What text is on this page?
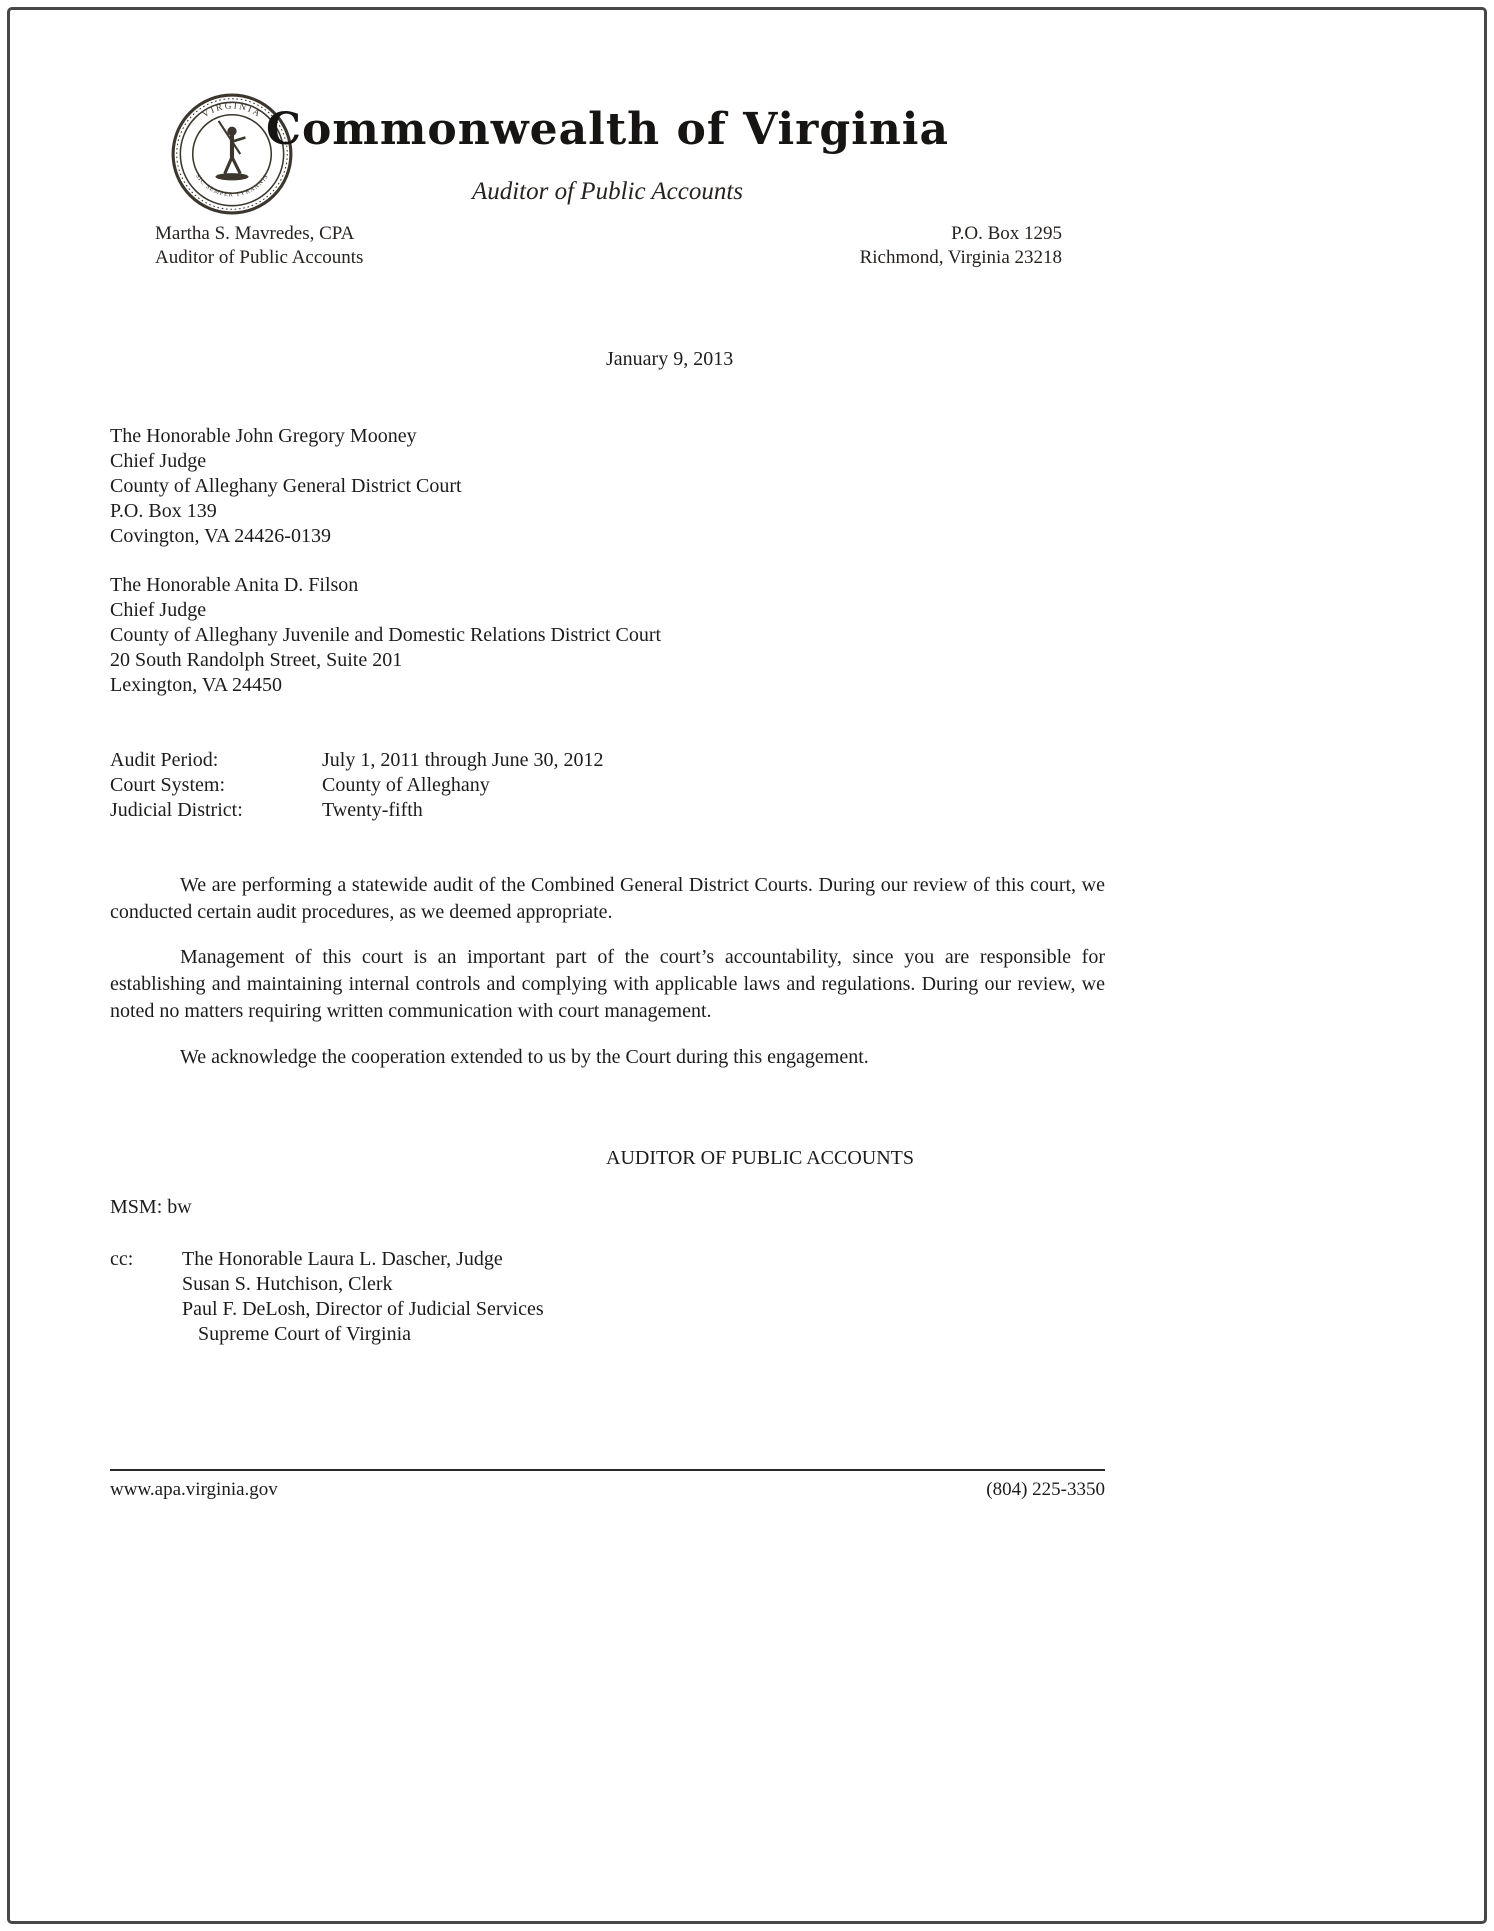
VIRGINIA
SIC SEMPER TYRANNIS
Commonwealth of Virginia
Auditor of Public Accounts
Martha S. Mavredes, CPA
Auditor of Public Accounts
P.O. Box 1295
Richmond, Virginia 23218
January 9, 2013
The Honorable John Gregory Mooney
Chief Judge
County of Alleghany General District Court
P.O. Box 139
Covington, VA 24426-0139
The Honorable Anita D. Filson
Chief Judge
County of Alleghany Juvenile and Domestic Relations District Court
20 South Randolph Street, Suite 201
Lexington, VA 24450
Audit Period:	July 1, 2011 through June 30, 2012
Court System:	County of Alleghany
Judicial District:	Twenty-fifth
We are performing a statewide audit of the Combined General District Courts. During our review of this court, we conducted certain audit procedures, as we deemed appropriate.
Management of this court is an important part of the court’s accountability, since you are responsible for establishing and maintaining internal controls and complying with applicable laws and regulations. During our review, we noted no matters requiring written communication with court management.
We acknowledge the cooperation extended to us by the Court during this engagement.
AUDITOR OF PUBLIC ACCOUNTS
MSM: bw
cc:	The Honorable Laura L. Dascher, Judge
Susan S. Hutchison, Clerk
Paul F. DeLosh, Director of Judicial Services
Supreme Court of Virginia
www.apa.virginia.gov	(804) 225-3350
